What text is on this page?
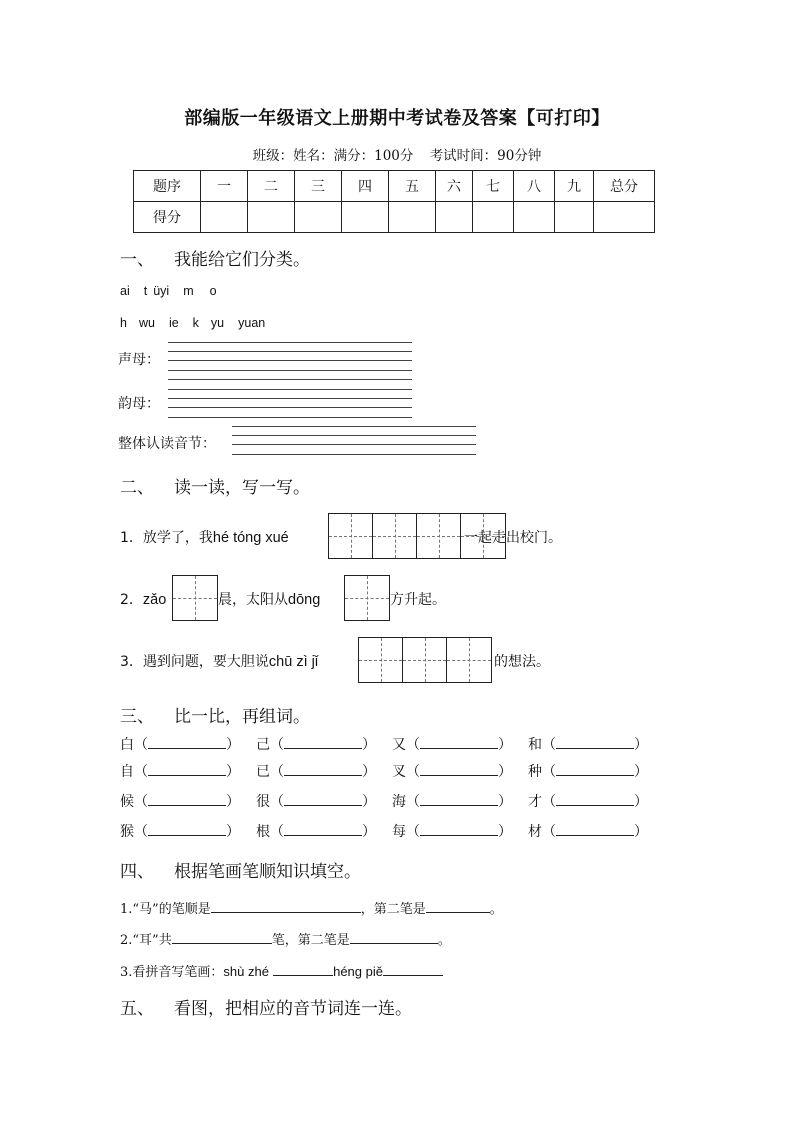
部编版一年级语文上册期中考试卷及答案【可打印】
班级：姓名：满分：100分 考试时间：90分钟
题序	一	二	三	四	五	六	七	八	九	总分
得分										
一、 我能给它们分类。
ai t üyi m o
h wu ie k yu yuan
声母：
韵母：
整体认读音节：
二、 读一读，写一写。
1．放学了，我hé tóng xué	一起走出校门。
2．zǎo	晨，太阳从dōng	方升起。
3．遇到问题，要大胆说chū zì jǐ	的想法。
三、 比一比，再组词。
白（	） 己（	） 又（	） 和（	）
自（	） 已（	） 叉（	） 种（	）
候（	） 很（	） 海（	） 才（	）
猴（	） 根（	） 每（	） 材（	）
四、 根据笔画笔顺知识填空。
1.“马”的笔顺是	，第二笔是	。
2.“耳”共	笔，第二笔是	。
3.看拼音写笔画：shù zhé	héng piě
五、 看图，把相应的音节词连一连。
